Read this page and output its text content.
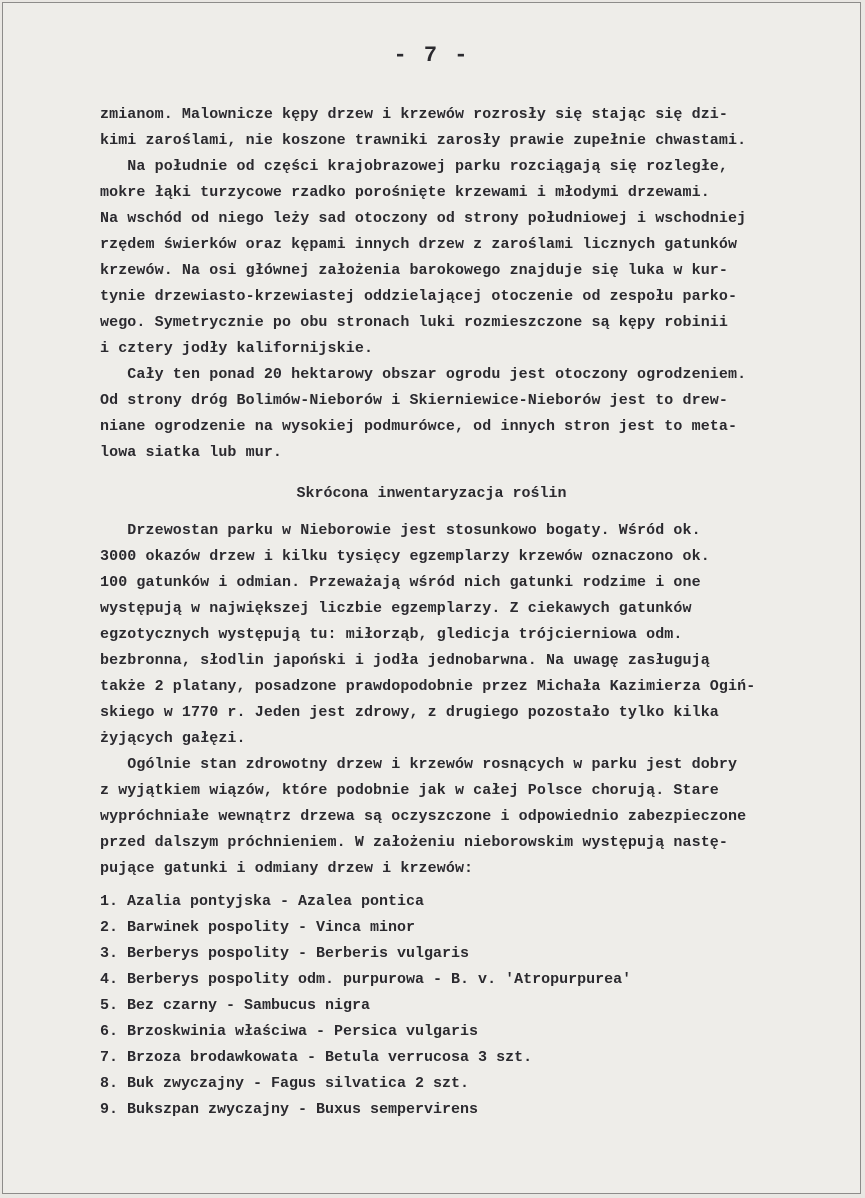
- 7 -
zmianom. Malownicze kępy drzew i krzewów rozrosły się stając się dzi-
kimi zaroślami, nie koszone trawniki zarosły prawie zupełnie chwastami.
Na południe od części krajobrazowej parku rozciągają się rozległe,
mokre łąki turzycowe rzadko porośnięte krzewami i młodymi drzewami.
Na wschód od niego leży sad otoczony od strony południowej i wschodniej
rzędem świerków oraz kępami innych drzew z zaroślami licznych gatunków
krzewów. Na osi głównej założenia barokowego znajduje się luka w kur-
tynie drzewiasto-krzewiastej oddzielającej otoczenie od zespołu parko-
wego. Symetrycznie po obu stronach luki rozmieszczone są kępy robinii
i cztery jodły kalifornijskie.
Cały ten ponad 20 hektarowy obszar ogrodu jest otoczony ogrodzeniem.
Od strony dróg Bolimów-Nieborów i Skierniewice-Nieborów jest to drew-
niane ogrodzenie na wysokiej podmurówce, od innych stron jest to meta-
lowa siatka lub mur.
Skrócona inwentaryzacja roślin
Drzewostan parku w Nieborowie jest stosunkowo bogaty. Wśród ok.
3000 okazów drzew i kilku tysięcy egzemplarzy krzewów oznaczono ok.
100 gatunków i odmian. Przeważają wśród nich gatunki rodzime i one
występują w największej liczbie egzemplarzy. Z ciekawych gatunków
egzotycznych występują tu: miłorząb, gledicja trójcierniowa odm.
bezbronna, słodlin japoński i jodła jednobarwna. Na uwagę zasługują
także 2 platany, posadzone prawdopodobnie przez Michała Kazimierza Ogiń-
skiego w 1770 r. Jeden jest zdrowy, z drugiego pozostało tylko kilka
żyjących gałęzi.
Ogólnie stan zdrowotny drzew i krzewów rosnących w parku jest dobry
z wyjątkiem wiązów, które podobnie jak w całej Polsce chorują. Stare
wypróchniałe wewnątrz drzewa są oczyszczone i odpowiednio zabezpieczone
przed dalszym próchnieniem. W założeniu nieborowskim występują nastę-
pujące gatunki i odmiany drzew i krzewów:
1. Azalia pontyjska - Azalea pontica
2. Barwinek pospolity - Vinca minor
3. Berberys pospolity - Berberis vulgaris
4. Berberys pospolity odm. purpurowa - B. v. 'Atropurpurea'
5. Bez czarny - Sambucus nigra
6. Brzoskwinia właściwa - Persica vulgaris
7. Brzoza brodawkowata - Betula verrucosa 3 szt.
8. Buk zwyczajny - Fagus silvatica 2 szt.
9. Bukszpan zwyczajny - Buxus sempervirens
